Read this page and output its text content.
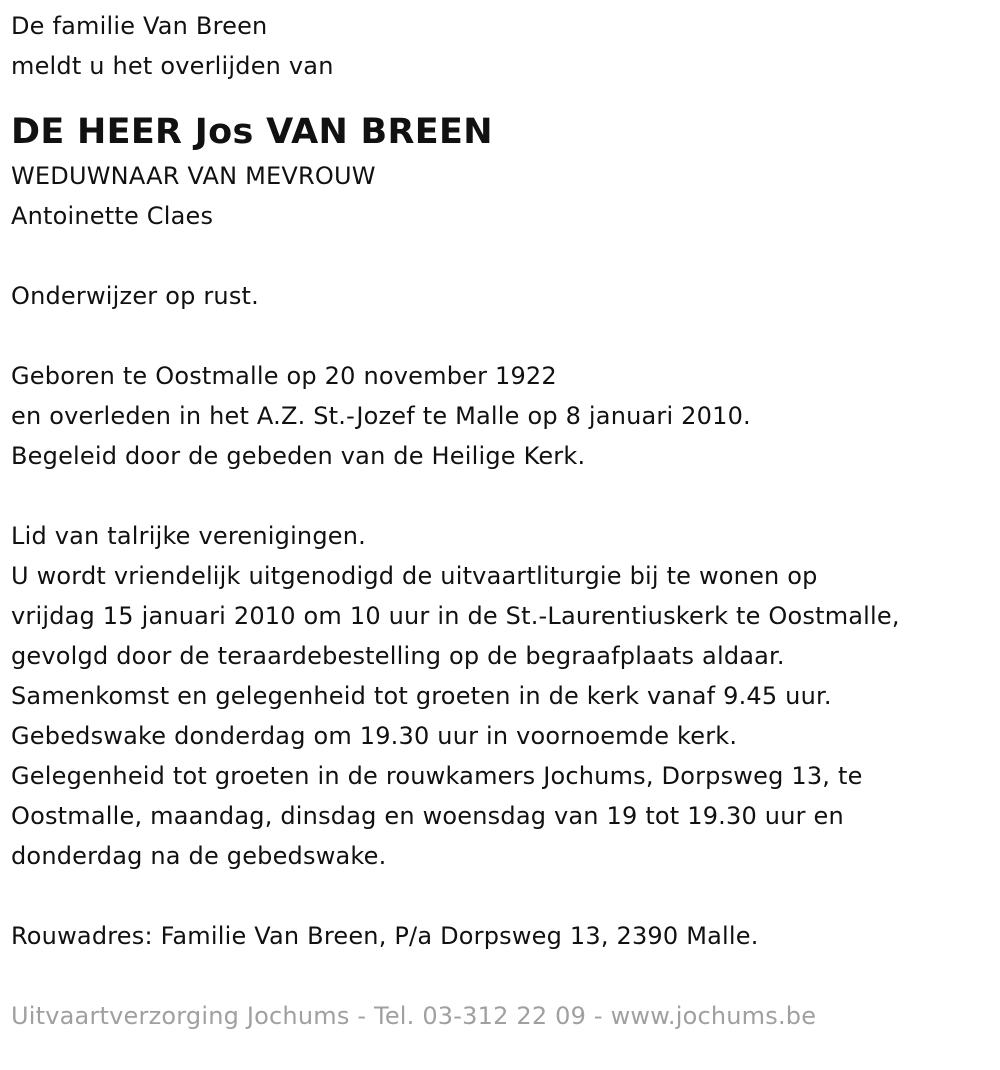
De familie Van Breen
meldt u het overlijden van
DE HEER Jos VAN BREEN
WEDUWNAAR VAN MEVROUW
Antoinette Claes
Onderwijzer op rust.
Geboren te Oostmalle op 20 november 1922
en overleden in het A.Z. St.-Jozef te Malle op 8 januari 2010.
Begeleid door de gebeden van de Heilige Kerk.
Lid van talrijke verenigingen.
U wordt vriendelijk uitgenodigd de uitvaartliturgie bij te wonen op
vrijdag 15 januari 2010 om 10 uur in de St.-Laurentiuskerk te Oostmalle,
gevolgd door de teraardebestelling op de begraafplaats aldaar.
Samenkomst en gelegenheid tot groeten in de kerk vanaf 9.45 uur.
Gebedswake donderdag om 19.30 uur in voornoemde kerk.
Gelegenheid tot groeten in de rouwkamers Jochums, Dorpsweg 13, te
Oostmalle, maandag, dinsdag en woensdag van 19 tot 19.30 uur en
donderdag na de gebedswake.
Rouwadres: Familie Van Breen, P/a Dorpsweg 13, 2390 Malle.
Uitvaartverzorging Jochums - Tel. 03-312 22 09 - www.jochums.be
